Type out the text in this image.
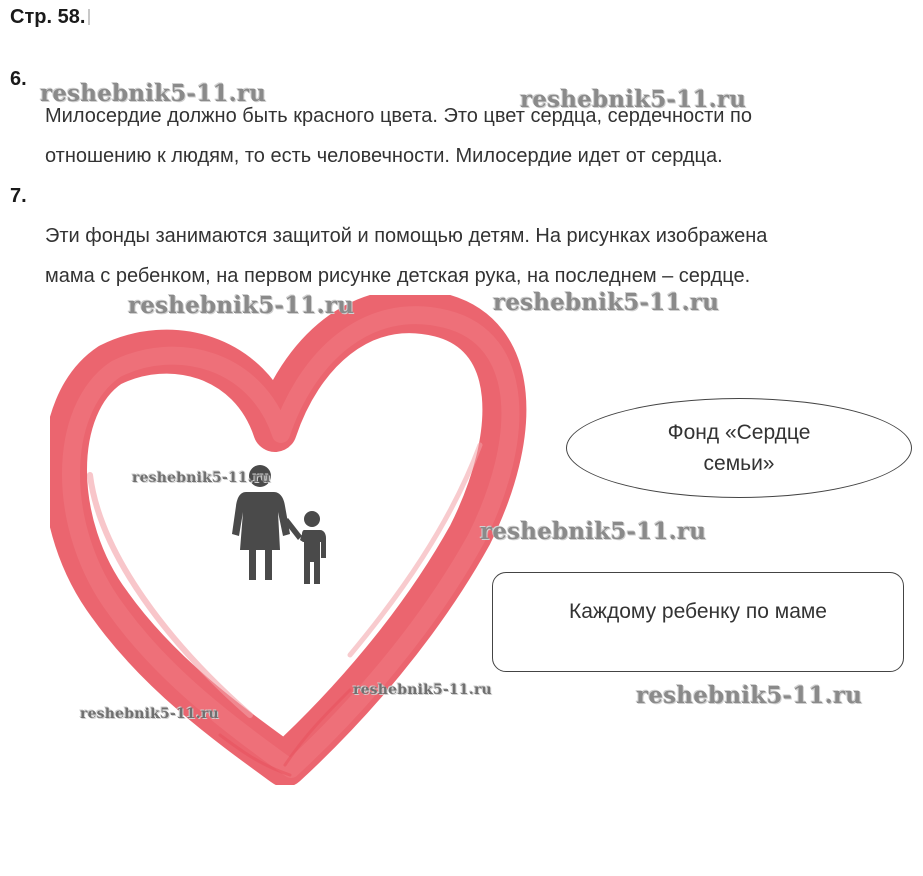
Стр. 58.
6.
Милосердие должно быть красного цвета. Это цвет сердца, сердечности по
отношению к людям, то есть человечности. Милосердие идет от сердца.
7.
Эти фонды занимаются защитой и помощью детям. На рисунках изображена
мама с ребенком, на первом рисунке детская рука, на последнем – сердце.
Фонд «Сердце семьи»
Каждому ребенку по маме
reshebnik5-11.ru	reshebnik5-11.ru
reshebnik5-11.ru	reshebnik5-11.ru
reshebnik5-11.ru
reshebnik5-11.ru
reshebnik5-11.ru	reshebnik5-11.ru
reshebnik5-11.ru
